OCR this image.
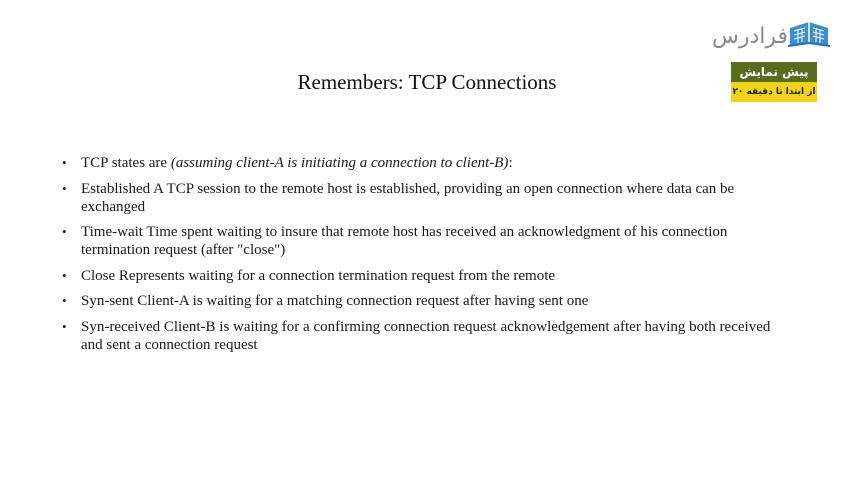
فرادرس
پیش نمایش
از ابتدا تا دقیقه ۲۰
Remembers: TCP Connections
• TCP states are (assuming client-A is initiating a connection to client-B):
• Established A TCP session to the remote host is established, providing an open connection where data can be exchanged
• Time-wait Time spent waiting to insure that remote host has received an acknowledgment of his connection termination request (after "close")
• Close Represents waiting for a connection termination request from the remote
• Syn-sent Client-A is waiting for a matching connection request after having sent one
• Syn-received Client-B is waiting for a confirming connection request acknowledgement after having both received and sent a connection request
